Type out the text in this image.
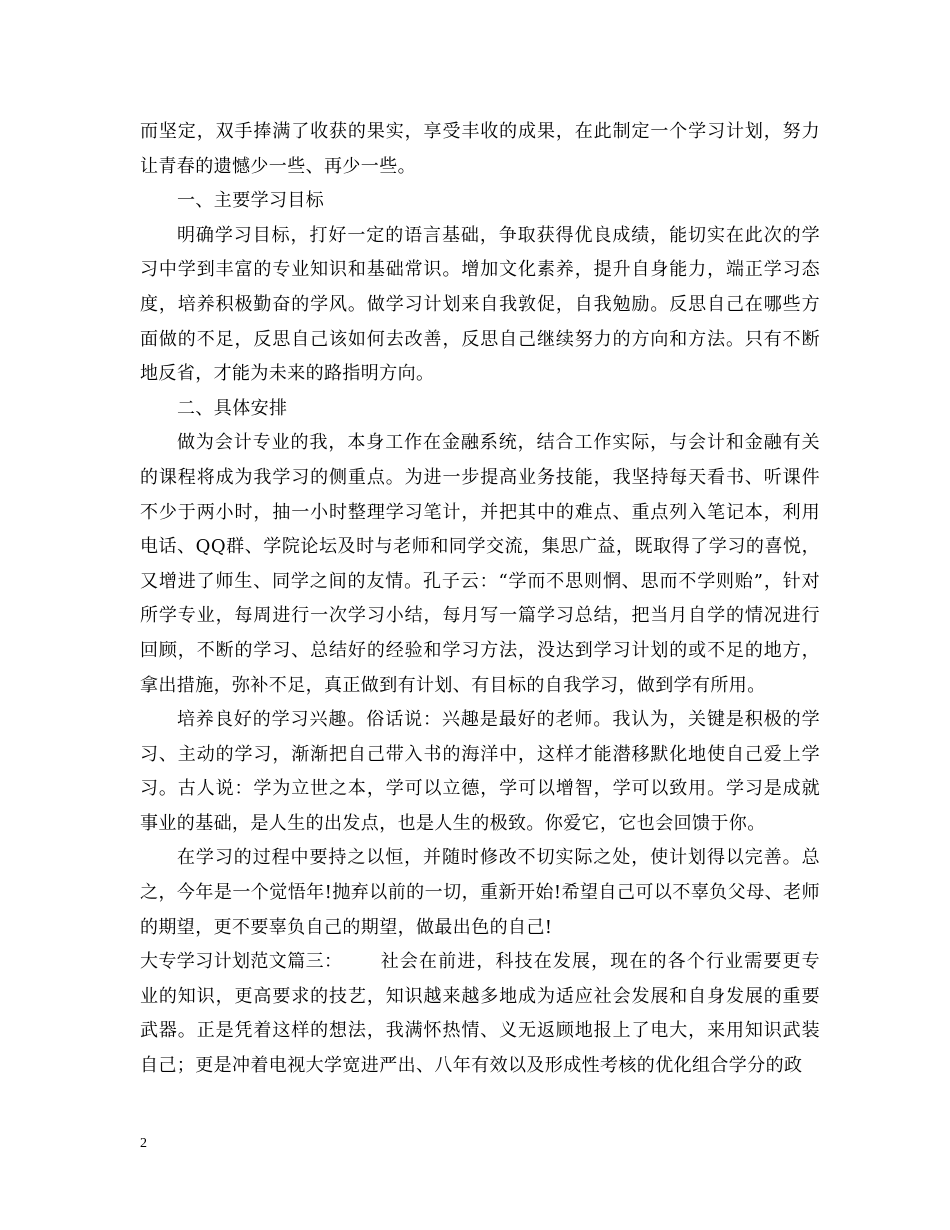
而坚定，双手捧满了收获的果实，享受丰收的成果，在此制定一个学习计划，努力让青春的遗憾少一些、再少一些。

一、主要学习目标

明确学习目标，打好一定的语言基础，争取获得优良成绩，能切实在此次的学习中学到丰富的专业知识和基础常识。增加文化素养，提升自身能力，端正学习态度，培养积极勤奋的学风。做学习计划来自我敦促，自我勉励。反思自己在哪些方面做的不足，反思自己该如何去改善，反思自己继续努力的方向和方法。只有不断地反省，才能为未来的路指明方向。

二、具体安排

做为会计专业的我，本身工作在金融系统，结合工作实际，与会计和金融有关的课程将成为我学习的侧重点。为进一步提高业务技能，我坚持每天看书、听课件不少于两小时，抽一小时整理学习笔计，并把其中的难点、重点列入笔记本，利用电话、QQ群、学院论坛及时与老师和同学交流，集思广益，既取得了学习的喜悦，又增进了师生、同学之间的友情。孔子云：“学而不思则惘、思而不学则贻”，针对所学专业，每周进行一次学习小结，每月写一篇学习总结，把当月自学的情况进行回顾，不断的学习、总结好的经验和学习方法，没达到学习计划的或不足的地方，拿出措施，弥补不足，真正做到有计划、有目标的自我学习，做到学有所用。

培养良好的学习兴趣。俗话说：兴趣是最好的老师。我认为，关键是积极的学习、主动的学习，渐渐把自己带入书的海洋中，这样才能潜移默化地使自己爱上学习。古人说：学为立世之本，学可以立德，学可以增智，学可以致用。学习是成就事业的基础，是人生的出发点，也是人生的极致。你爱它，它也会回馈于你。

在学习的过程中要持之以恒，并随时修改不切实际之处，使计划得以完善。总之，今年是一个觉悟年!抛弃以前的一切，重新开始!希望自己可以不辜负父母、老师的期望，更不要辜负自己的期望，做最出色的自己!

大专学习计划范文篇三： 社会在前进，科技在发展，现在的各个行业需要更专业的知识，更高要求的技艺，知识越来越多地成为适应社会发展和自身发展的重要武器。正是凭着这样的想法，我满怀热情、义无返顾地报上了电大，来用知识武装自己；更是冲着电视大学宽进严出、八年有效以及形成性考核的优化组合学分的政

2
